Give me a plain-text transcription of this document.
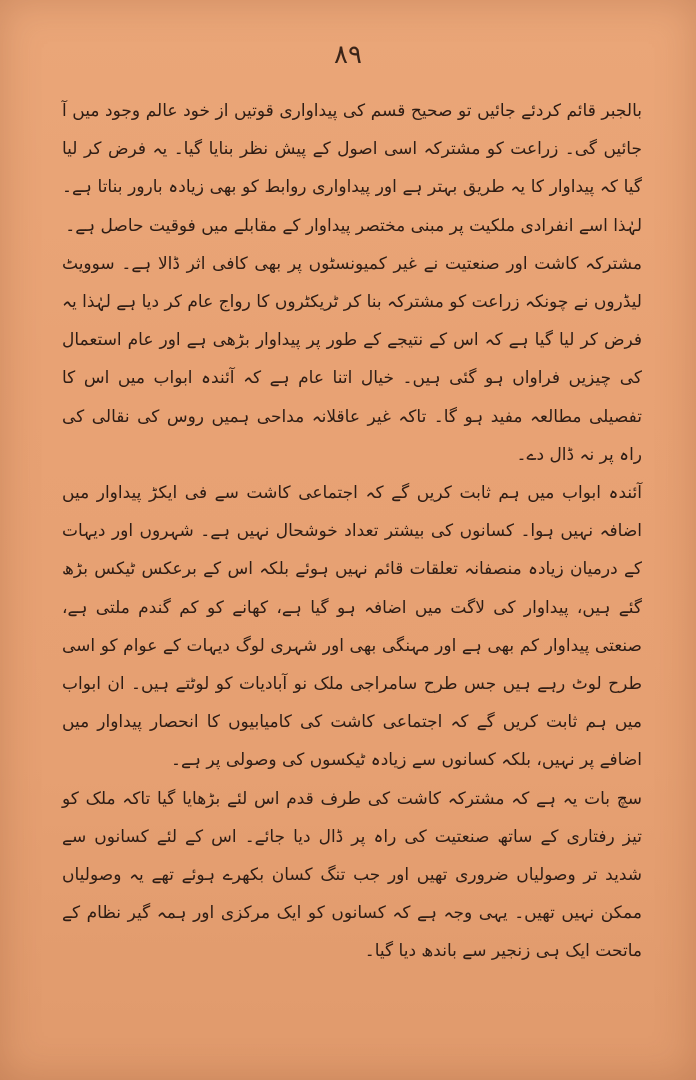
۸۹

بالجبر قائم کردئے جائیں تو صحیح قسم کی پیداواری قوتیں از خود عالم وجود میں آ جائیں گی۔ زراعت کو مشترکہ اسی اصول کے پیش نظر بنایا گیا۔ یہ فرض کر لیا گیا کہ پیداوار کا یہ طریق بہتر ہے اور پیداواری روابط کو بھی زیادہ بارور بناتا ہے۔ لہٰذا اسے انفرادی ملکیت پر مبنی مختصر پیداوار کے مقابلے میں فوقیت حاصل ہے۔

مشترکہ کاشت اور صنعتیت نے غیر کمیونسٹوں پر بھی کافی اثر ڈالا ہے۔ سوویٹ لیڈروں نے چونکہ زراعت کو مشترکہ بنا کر ٹریکٹروں کا رواج عام کر دیا ہے لہٰذا یہ فرض کر لیا گیا ہے کہ اس کے نتیجے کے طور پر پیداوار بڑھی ہے اور عام استعمال کی چیزیں فراواں ہو گئی ہیں۔ خیال اتنا عام ہے کہ آئندہ ابواب میں اس کا تفصیلی مطالعہ مفید ہو گا۔ تاکہ غیر عاقلانہ مداحی ہمیں روس کی نقالی کی راہ پر نہ ڈال دے۔

آئندہ ابواب میں ہم ثابت کریں گے کہ اجتماعی کاشت سے فی ایکڑ پیداوار میں اضافہ نہیں ہوا۔ کسانوں کی بیشتر تعداد خوشحال نہیں ہے۔ شہروں اور دیہات کے درمیان زیادہ منصفانہ تعلقات قائم نہیں ہوئے بلکہ اس کے برعکس ٹیکس بڑھ گئے ہیں، پیداوار کی لاگت میں اضافہ ہو گیا ہے، کھانے کو کم گندم ملتی ہے، صنعتی پیداوار کم بھی ہے اور مہنگی بھی اور شہری لوگ دیہات کے عوام کو اسی طرح لوٹ رہے ہیں جس طرح سامراجی ملک نو آبادیات کو لوٹتے ہیں۔ ان ابواب میں ہم ثابت کریں گے کہ اجتماعی کاشت کی کامیابیوں کا انحصار پیداوار میں اضافے پر نہیں، بلکہ کسانوں سے زیادہ ٹیکسوں کی وصولی پر ہے۔

سچ بات یہ ہے کہ مشترکہ کاشت کی طرف قدم اس لئے بڑھایا گیا تاکہ ملک کو تیز رفتاری کے ساتھ صنعتیت کی راہ پر ڈال دیا جائے۔ اس کے لئے کسانوں سے شدید تر وصولیاں ضروری تھیں اور جب تنگ کسان بکھرے ہوئے تھے یہ وصولیاں ممکن نہیں تھیں۔ یہی وجہ ہے کہ کسانوں کو ایک مرکزی اور ہمہ گیر نظام کے ماتحت ایک ہی زنجیر سے باندھ دیا گیا۔
